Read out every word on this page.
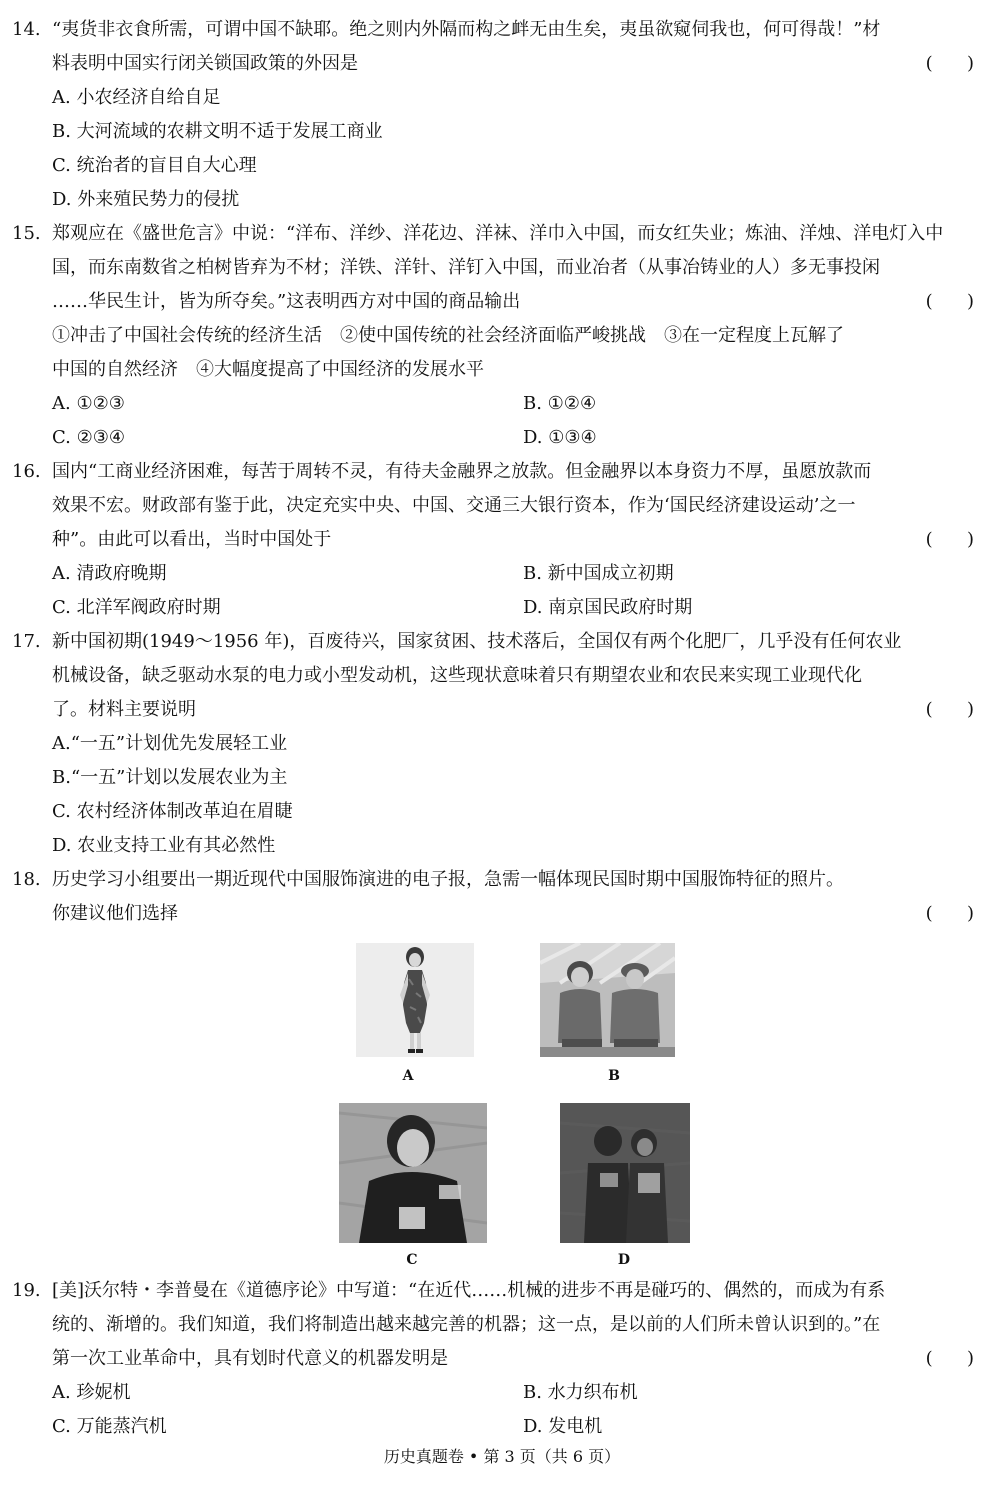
14. “夷货非衣食所需，可谓中国不缺耶。绝之则内外隔而构之衅无由生矣，夷虽欲窥伺我也，何可得哉！”材
料表明中国实行闭关锁国政策的外因是	(      )
A. 小农经济自给自足
B. 大河流域的农耕文明不适于发展工商业
C. 统治者的盲目自大心理
D. 外来殖民势力的侵扰
15. 郑观应在《盛世危言》中说：“洋布、洋纱、洋花边、洋袜、洋巾入中国，而女红失业；炼油、洋烛、洋电灯入中
国，而东南数省之柏树皆弃为不材；洋铁、洋针、洋钉入中国，而业冶者（从事冶铸业的人）多无事投闲
……华民生计，皆为所夺矣。”这表明西方对中国的商品输出	(      )
①冲击了中国社会传统的经济生活　②使中国传统的社会经济面临严峻挑战　③在一定程度上瓦解了
中国的自然经济　④大幅度提高了中国经济的发展水平
A. ①②③	B. ①②④
C. ②③④	D. ①③④
16. 国内“工商业经济困难，每苦于周转不灵，有待夫金融界之放款。但金融界以本身资力不厚，虽愿放款而
效果不宏。财政部有鉴于此，决定充实中央、中国、交通三大银行资本，作为‘国民经济建设运动’之一
种”。由此可以看出，当时中国处于	(      )
A. 清政府晚期	B. 新中国成立初期
C. 北洋军阀政府时期	D. 南京国民政府时期
17. 新中国初期(1949～1956 年)，百废待兴，国家贫困、技术落后，全国仅有两个化肥厂，几乎没有任何农业
机械设备，缺乏驱动水泵的电力或小型发动机，这些现状意味着只有期望农业和农民来实现工业现代化
了。材料主要说明	(      )
A.“一五”计划优先发展轻工业
B.“一五”计划以发展农业为主
C. 农村经济体制改革迫在眉睫
D. 农业支持工业有其必然性
18. 历史学习小组要出一期近现代中国服饰演进的电子报，急需一幅体现民国时期中国服饰特征的照片。
你建议他们选择	(      )
A	B
C	D
19. [美]沃尔特・李普曼在《道德序论》中写道：“在近代……机械的进步不再是碰巧的、偶然的，而成为有系
统的、渐增的。我们知道，我们将制造出越来越完善的机器；这一点，是以前的人们所未曾认识到的。”在
第一次工业革命中，具有划时代意义的机器发明是	(      )
A. 珍妮机	B. 水力织布机
C. 万能蒸汽机	D. 发电机
历史真题卷 • 第 3 页（共 6 页）
